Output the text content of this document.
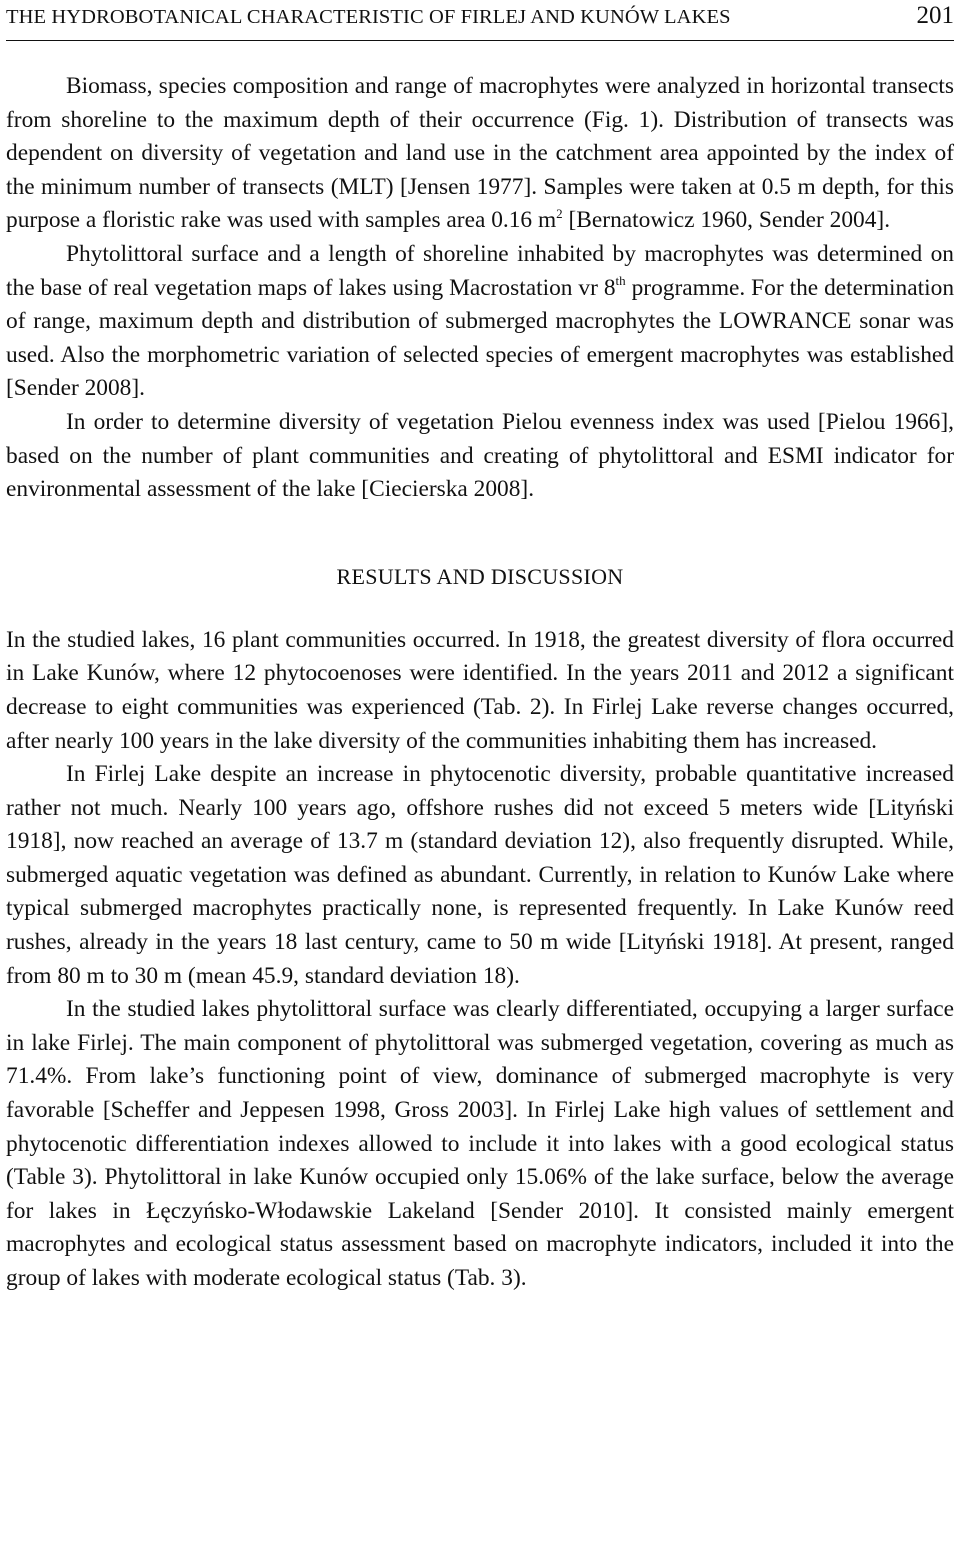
THE HYDROBOTANICAL CHARACTERISTIC OF FIRLEJ AND KUNÓW LAKES	201

Biomass, species composition and range of macrophytes were analyzed in horizontal transects from shoreline to the maximum depth of their occurrence (Fig. 1). Distribution of transects was dependent on diversity of vegetation and land use in the catchment area appointed by the index of the minimum number of transects (MLT) [Jensen 1977]. Samples were taken at 0.5 m depth, for this purpose a floristic rake was used with samples area 0.16 $m^2$ [Bernatowicz 1960, Sender 2004].

Phytolittoral surface and a length of shoreline inhabited by macrophytes was determined on the base of real vegetation maps of lakes using Macrostation vr 8th programme. For the determination of range, maximum depth and distribution of submerged macrophytes the LOWRANCE sonar was used. Also the morphometric variation of selected species of emergent macrophytes was established [Sender 2008].

In order to determine diversity of vegetation Pielou evenness index was used [Pielou 1966], based on the number of plant communities and creating of phytolittoral and ESMI indicator for environmental assessment of the lake [Ciecierska 2008].

RESULTS AND DISCUSSION

In the studied lakes, 16 plant communities occurred. In 1918, the greatest diversity of flora occurred in Lake Kunów, where 12 phytocoenoses were identified. In the years 2011 and 2012 a significant decrease to eight communities was experienced (Tab. 2). In Firlej Lake reverse changes occurred, after nearly 100 years in the lake diversity of the communities inhabiting them has increased.

In Firlej Lake despite an increase in phytocenotic diversity, probable quantitative increased rather not much. Nearly 100 years ago, offshore rushes did not exceed 5 meters wide [Lityński 1918], now reached an average of 13.7 m (standard deviation 12), also frequently disrupted. While, submerged aquatic vegetation was defined as abundant. Currently, in relation to Kunów Lake where typical submerged macrophytes practically none, is represented frequently. In Lake Kunów reed rushes, already in the years 18 last century, came to 50 m wide [Lityński 1918]. At present, ranged from 80 m to 30 m (mean 45.9, standard deviation 18).

In the studied lakes phytolittoral surface was clearly differentiated, occupying a larger surface in lake Firlej. The main component of phytolittoral was submerged vegetation, covering as much as 71.4%. From lake’s functioning point of view, dominance of submerged macrophyte is very favorable [Scheffer and Jeppesen 1998, Gross 2003]. In Firlej Lake high values of settlement and phytocenotic differentiation indexes allowed to include it into lakes with a good ecological status (Table 3). Phytolittoral in lake Kunów occupied only 15.06% of the lake surface, below the average for lakes in Łęczyńsko-Włodawskie Lakeland [Sender 2010]. It consisted mainly emergent macrophytes and ecological status assessment based on macrophyte indicators, included it into the group of lakes with moderate ecological status (Tab. 3).
